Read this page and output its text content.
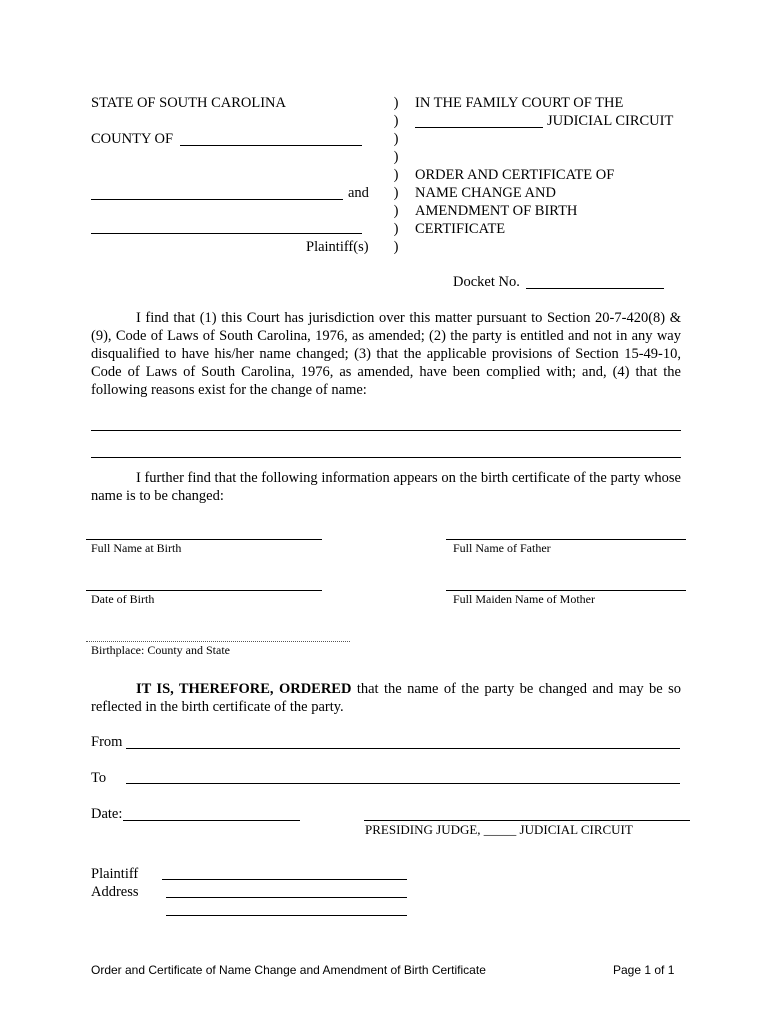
STATE OF SOUTH CAROLINA
COUNTY OF
and
Plaintiff(s)
)
)
)
)
)
)
)
)
)
IN THE FAMILY COURT OF THE
JUDICIAL CIRCUIT
ORDER AND CERTIFICATE OF
NAME CHANGE AND
AMENDMENT OF BIRTH
CERTIFICATE
Docket No.
I find that (1) this Court has jurisdiction over this matter pursuant to Section 20-7-420(8) & (9), Code of Laws of South Carolina, 1976, as amended; (2) the party is entitled and not in any way disqualified to have his/her name changed; (3) that the applicable provisions of Section 15-49-10, Code of Laws of South Carolina, 1976, as amended, have been complied with; and, (4) that the following reasons exist for the change of name:
I further find that the following information appears on the birth certificate of the party whose name is to be changed:
Full Name at Birth	Full Name of Father
Date of Birth	Full Maiden Name of Mother
Birthplace: County and State
IT IS, THEREFORE, ORDERED that the name of the party be changed and may be so reflected in the birth certificate of the party.
From
To
Date:
PRESIDING JUDGE, _____ JUDICIAL CIRCUIT
Plaintiff
Address
Order and Certificate of Name Change and Amendment of Birth Certificate	Page 1 of 1
